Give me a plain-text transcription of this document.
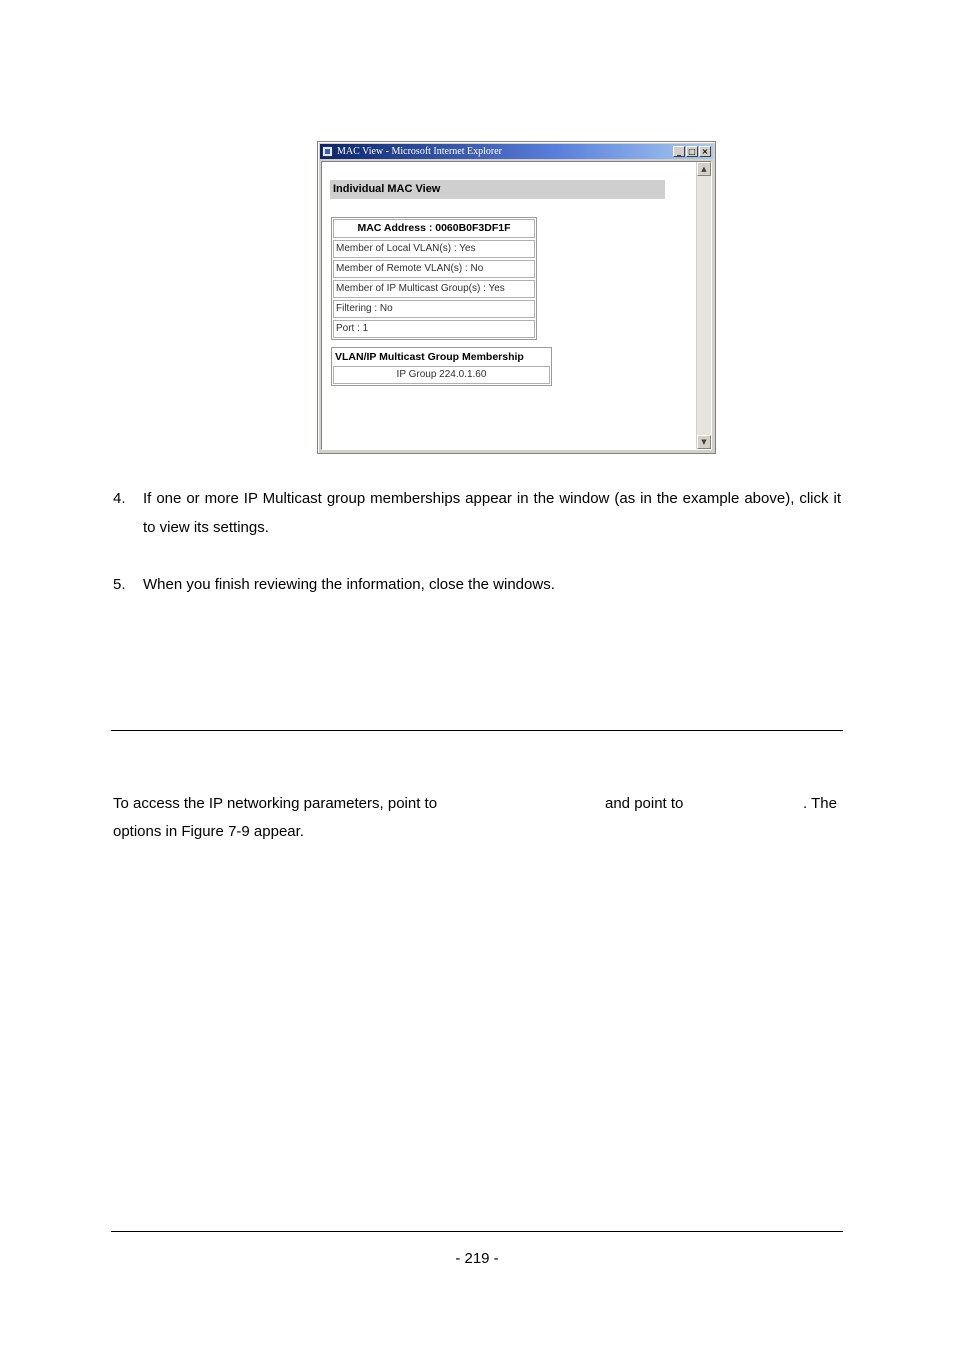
MAC View - Microsoft Internet Explorer	_ □ ×
Individual MAC View
MAC Address : 0060B0F3DF1F
Member of Local VLAN(s) : Yes
Member of Remote VLAN(s) : No
Member of IP Multicast Group(s) : Yes
Filtering : No
Port : 1
VLAN/IP Multicast Group Membership
IP Group 224.0.1.60
▲
▼
4. If one or more IP Multicast group memberships appear in the window (as in the example above), click it to view its settings.
5. When you finish reviewing the information, close the windows.
To access the IP networking parameters, point to	and point to	. The
options in Figure 7-9 appear.
- 219 -
